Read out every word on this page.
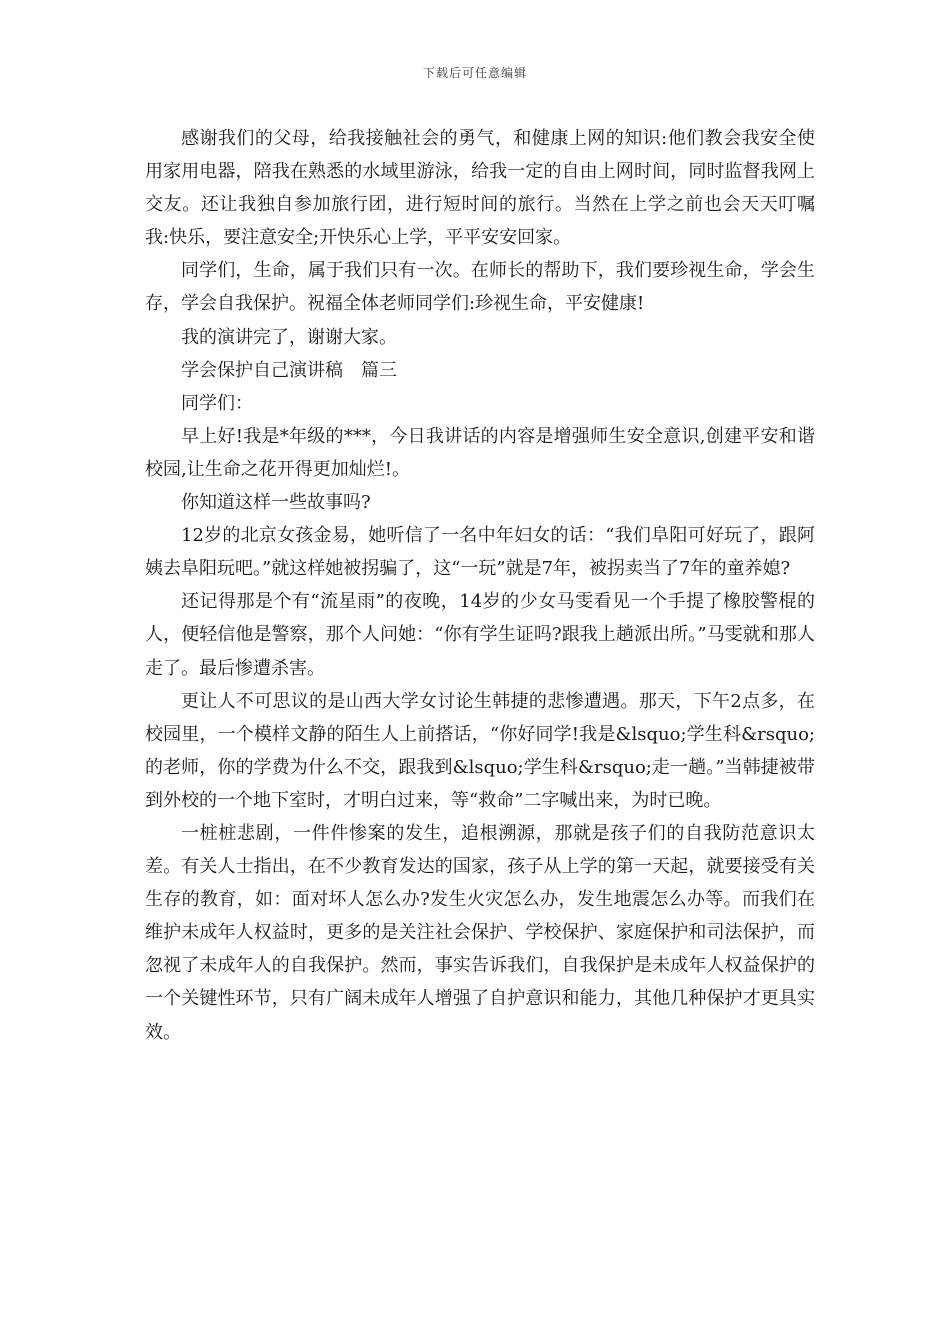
下载后可任意编辑

感谢我们的父母，给我接触社会的勇气，和健康上网的知识:他们教会我安全使用家用电器，陪我在熟悉的水域里游泳，给我一定的自由上网时间，同时监督我网上交友。还让我独自参加旅行团，进行短时间的旅行。当然在上学之前也会天天叮嘱我:快乐，要注意安全;开快乐心上学，平平安安回家。

同学们，生命，属于我们只有一次。在师长的帮助下，我们要珍视生命，学会生存，学会自我保护。祝福全体老师同学们:珍视生命，平安健康!

我的演讲完了，谢谢大家。

学会保护自己演讲稿　篇三

同学们：

早上好!我是*年级的***，今日我讲话的内容是增强师生安全意识,创建平安和谐校园,让生命之花开得更加灿烂!。

你知道这样一些故事吗?

12岁的北京女孩金易，她听信了一名中年妇女的话：“我们阜阳可好玩了，跟阿姨去阜阳玩吧。”就这样她被拐骗了，这“一玩”就是7年，被拐卖当了7年的童养媳?

还记得那是个有“流星雨”的夜晚，14岁的少女马雯看见一个手提了橡胶警棍的人，便轻信他是警察，那个人问她：“你有学生证吗?跟我上趟派出所。”马雯就和那人走了。最后惨遭杀害。

更让人不可思议的是山西大学女讨论生韩捷的悲惨遭遇。那天，下午2点多，在校园里，一个模样文静的陌生人上前搭话，“你好同学!我是&lsquo;学生科&rsquo;的老师，你的学费为什么不交，跟我到&lsquo;学生科&rsquo;走一趟。”当韩捷被带到外校的一个地下室时，才明白过来，等“救命”二字喊出来，为时已晚。

一桩桩悲剧，一件件惨案的发生，追根溯源，那就是孩子们的自我防范意识太差。有关人士指出，在不少教育发达的国家，孩子从上学的第一天起，就要接受有关生存的教育，如：面对坏人怎么办?发生火灾怎么办，发生地震怎么办等。而我们在维护未成年人权益时，更多的是关注社会保护、学校保护、家庭保护和司法保护，而忽视了未成年人的自我保护。然而，事实告诉我们，自我保护是未成年人权益保护的一个关键性环节，只有广阔未成年人增强了自护意识和能力，其他几种保护才更具实效。
